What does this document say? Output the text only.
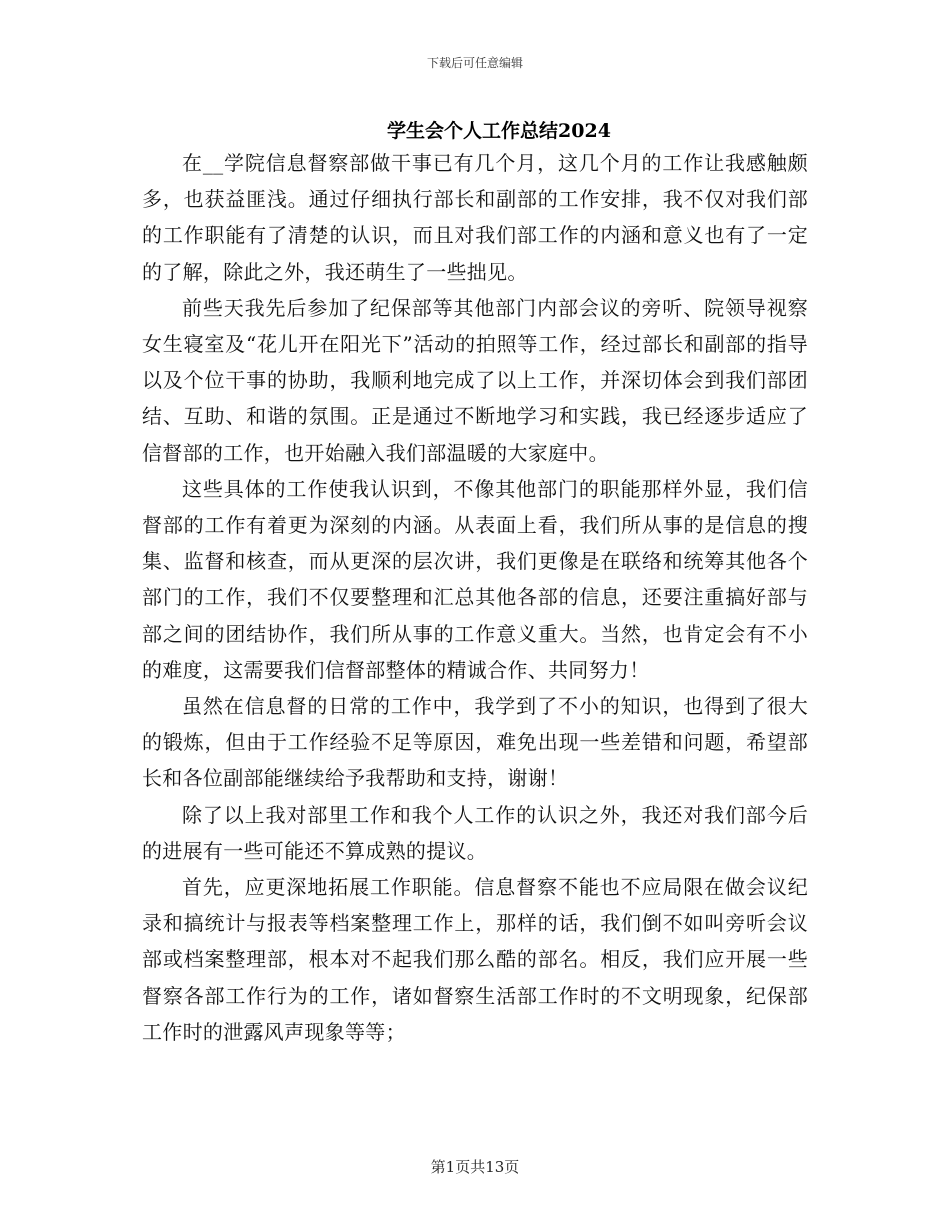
下载后可任意编辑
学生会个人工作总结2024

在__学院信息督察部做干事已有几个月，这几个月的工作让我感触颇多，也获益匪浅。通过仔细执行部长和副部的工作安排，我不仅对我们部的工作职能有了清楚的认识，而且对我们部工作的内涵和意义也有了一定的了解，除此之外，我还萌生了一些拙见。

前些天我先后参加了纪保部等其他部门内部会议的旁听、院领导视察女生寝室及“花儿开在阳光下”活动的拍照等工作，经过部长和副部的指导以及个位干事的协助，我顺利地完成了以上工作，并深切体会到我们部团结、互助、和谐的氛围。正是通过不断地学习和实践，我已经逐步适应了信督部的工作，也开始融入我们部温暖的大家庭中。

这些具体的工作使我认识到，不像其他部门的职能那样外显，我们信督部的工作有着更为深刻的内涵。从表面上看，我们所从事的是信息的搜集、监督和核查，而从更深的层次讲，我们更像是在联络和统筹其他各个部门的工作，我们不仅要整理和汇总其他各部的信息，还要注重搞好部与部之间的团结协作，我们所从事的工作意义重大。当然，也肯定会有不小的难度，这需要我们信督部整体的精诚合作、共同努力！

虽然在信息督的日常的工作中，我学到了不小的知识，也得到了很大的锻炼，但由于工作经验不足等原因，难免出现一些差错和问题，希望部长和各位副部能继续给予我帮助和支持，谢谢！

除了以上我对部里工作和我个人工作的认识之外，我还对我们部今后的进展有一些可能还不算成熟的提议。

首先，应更深地拓展工作职能。信息督察不能也不应局限在做会议纪录和搞统计与报表等档案整理工作上，那样的话，我们倒不如叫旁听会议部或档案整理部，根本对不起我们那么酷的部名。相反，我们应开展一些督察各部工作行为的工作，诸如督察生活部工作时的不文明现象，纪保部工作时的泄露风声现象等等；

第1页共13页
